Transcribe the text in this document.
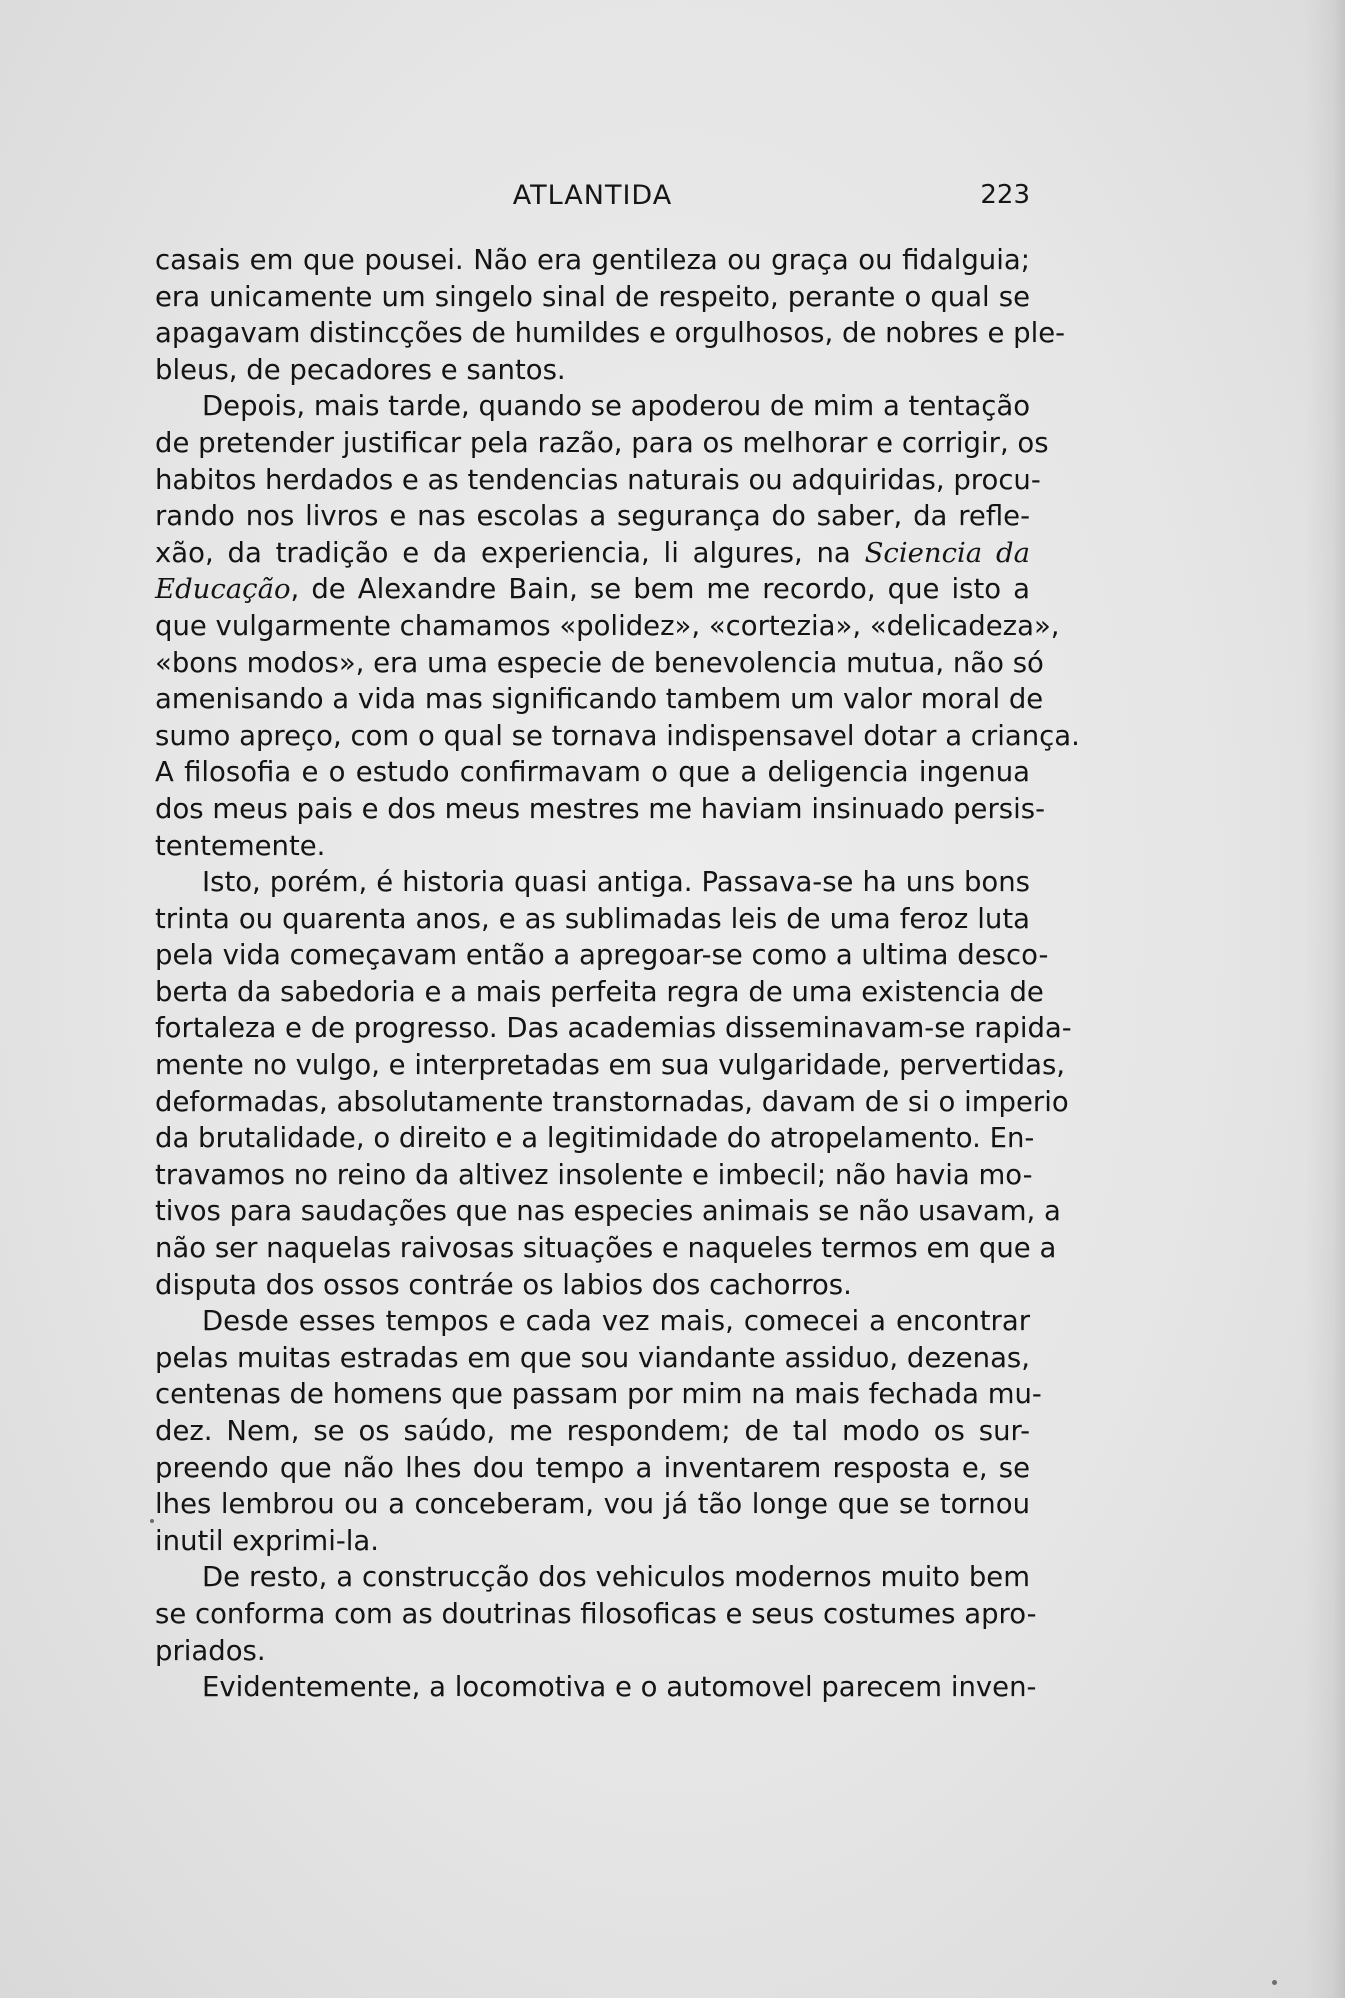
ATLANTIDA	223
casais em que pousei. Não era gentileza ou graça ou fidalguia;
era unicamente um singelo sinal de respeito, perante o qual se
apagavam distincções de humildes e orgulhosos, de nobres e ple-
bleus, de pecadores e santos.
Depois, mais tarde, quando se apoderou de mim a tentação
de pretender justificar pela razão, para os melhorar e corrigir, os
habitos herdados e as tendencias naturais ou adquiridas, procu-
rando nos livros e nas escolas a segurança do saber, da refle-
xão, da tradição e da experiencia, li algures, na Sciencia da
Educação, de Alexandre Bain, se bem me recordo, que isto a
que vulgarmente chamamos «polidez», «cortezia», «delicadeza»,
«bons modos», era uma especie de benevolencia mutua, não só
amenisando a vida mas significando tambem um valor moral de
sumo apreço, com o qual se tornava indispensavel dotar a criança.
A filosofia e o estudo confirmavam o que a deligencia ingenua
dos meus pais e dos meus mestres me haviam insinuado persis-
tentemente.
Isto, porém, é historia quasi antiga. Passava-se ha uns bons
trinta ou quarenta anos, e as sublimadas leis de uma feroz luta
pela vida começavam então a apregoar-se como a ultima desco-
berta da sabedoria e a mais perfeita regra de uma existencia de
fortaleza e de progresso. Das academias disseminavam-se rapida-
mente no vulgo, e interpretadas em sua vulgaridade, pervertidas,
deformadas, absolutamente transtornadas, davam de si o imperio
da brutalidade, o direito e a legitimidade do atropelamento. En-
travamos no reino da altivez insolente e imbecil; não havia mo-
tivos para saudações que nas especies animais se não usavam, a
não ser naquelas raivosas situações e naqueles termos em que a
disputa dos ossos contráe os labios dos cachorros.
Desde esses tempos e cada vez mais, comecei a encontrar
pelas muitas estradas em que sou viandante assiduo, dezenas,
centenas de homens que passam por mim na mais fechada mu-
dez. Nem, se os saúdo, me respondem; de tal modo os sur-
preendo que não lhes dou tempo a inventarem resposta e, se
lhes lembrou ou a conceberam, vou já tão longe que se tornou
inutil exprimi-la.
De resto, a construcção dos vehiculos modernos muito bem
se conforma com as doutrinas filosoficas e seus costumes apro-
priados.
Evidentemente, a locomotiva e o automovel parecem inven-
